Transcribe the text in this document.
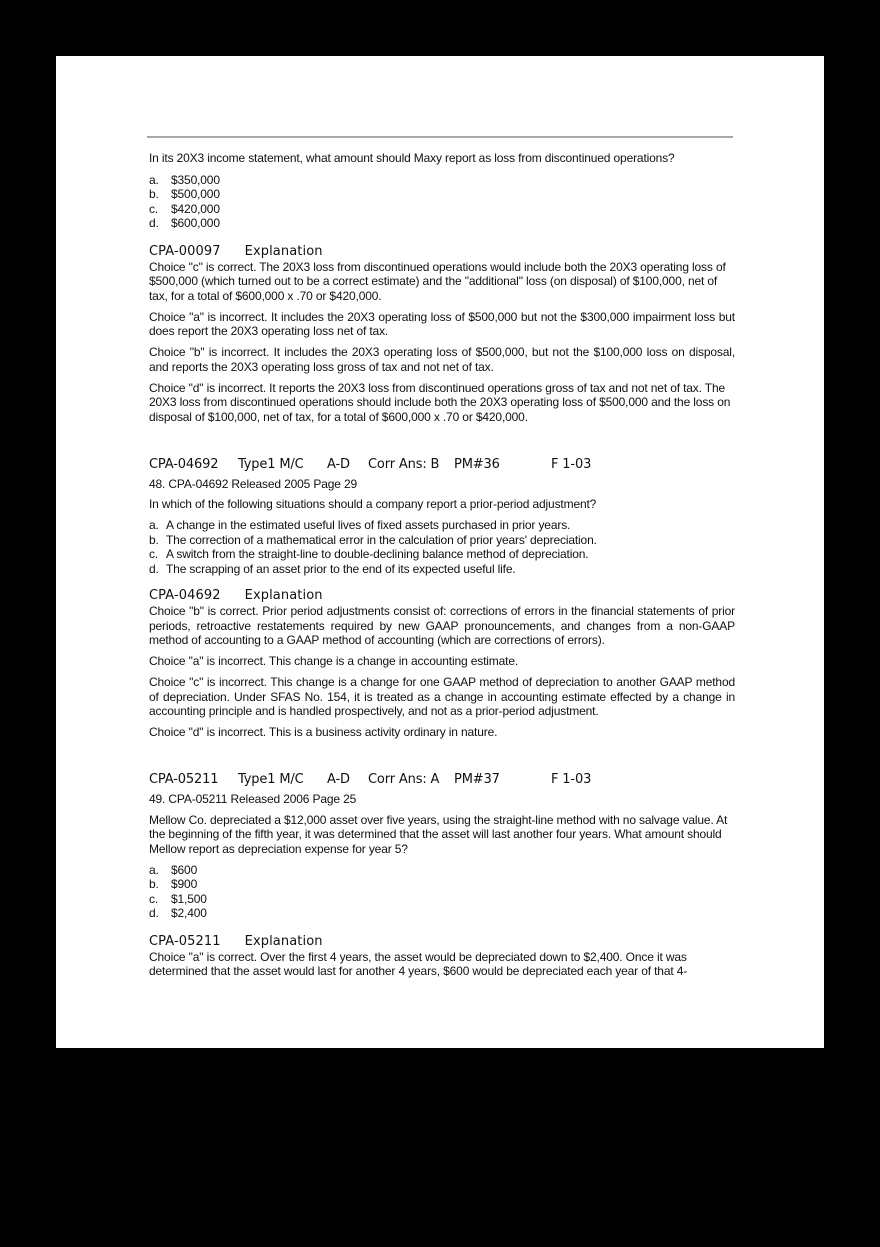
In its 20X3 income statement, what amount should Maxy report as loss from discontinued operations?

a.	$350,000
b.	$500,000
c.	$420,000
d.	$600,000

CPA-00097 Explanation

Choice "c" is correct. The 20X3 loss from discontinued operations would include both the 20X3 operating loss of $500,000 (which turned out to be a correct estimate) and the "additional" loss (on disposal) of $100,000, net of tax, for a total of $600,000 x .70 or $420,000.

Choice "a" is incorrect. It includes the 20X3 operating loss of $500,000 but not the $300,000 impairment loss but does report the 20X3 operating loss net of tax.

Choice "b" is incorrect. It includes the 20X3 operating loss of $500,000, but not the $100,000 loss on disposal, and reports the 20X3 operating loss gross of tax and not net of tax.

Choice "d" is incorrect. It reports the 20X3 loss from discontinued operations gross of tax and not net of tax. The 20X3 loss from discontinued operations should include both the 20X3 operating loss of $500,000 and the loss on disposal of $100,000, net of tax, for a total of $600,000 x .70 or $420,000.

CPA-04692	Type1 M/C	A-D	Corr Ans: B	PM#36	F 1-03

48. CPA-04692 Released 2005 Page 29

In which of the following situations should a company report a prior-period adjustment?

a. A change in the estimated useful lives of fixed assets purchased in prior years.
b. The correction of a mathematical error in the calculation of prior years' depreciation.
c. A switch from the straight-line to double-declining balance method of depreciation.
d. The scrapping of an asset prior to the end of its expected useful life.

CPA-04692 Explanation

Choice "b" is correct. Prior period adjustments consist of: corrections of errors in the financial statements of prior periods, retroactive restatements required by new GAAP pronouncements, and changes from a non-GAAP method of accounting to a GAAP method of accounting (which are corrections of errors).

Choice "a" is incorrect. This change is a change in accounting estimate.

Choice "c" is incorrect. This change is a change for one GAAP method of depreciation to another GAAP method of depreciation. Under SFAS No. 154, it is treated as a change in accounting estimate effected by a change in accounting principle and is handled prospectively, and not as a prior-period adjustment.

Choice "d" is incorrect. This is a business activity ordinary in nature.

CPA-05211	Type1 M/C	A-D	Corr Ans: A	PM#37	F 1-03

49. CPA-05211 Released 2006 Page 25

Mellow Co. depreciated a $12,000 asset over five years, using the straight-line method with no salvage value. At the beginning of the fifth year, it was determined that the asset will last another four years. What amount should Mellow report as depreciation expense for year 5?

a.	$600
b.	$900
c.	$1,500
d.	$2,400

CPA-05211 Explanation

Choice "a" is correct. Over the first 4 years, the asset would be depreciated down to $2,400. Once it was determined that the asset would last for another 4 years, $600 would be depreciated each year of that 4-
